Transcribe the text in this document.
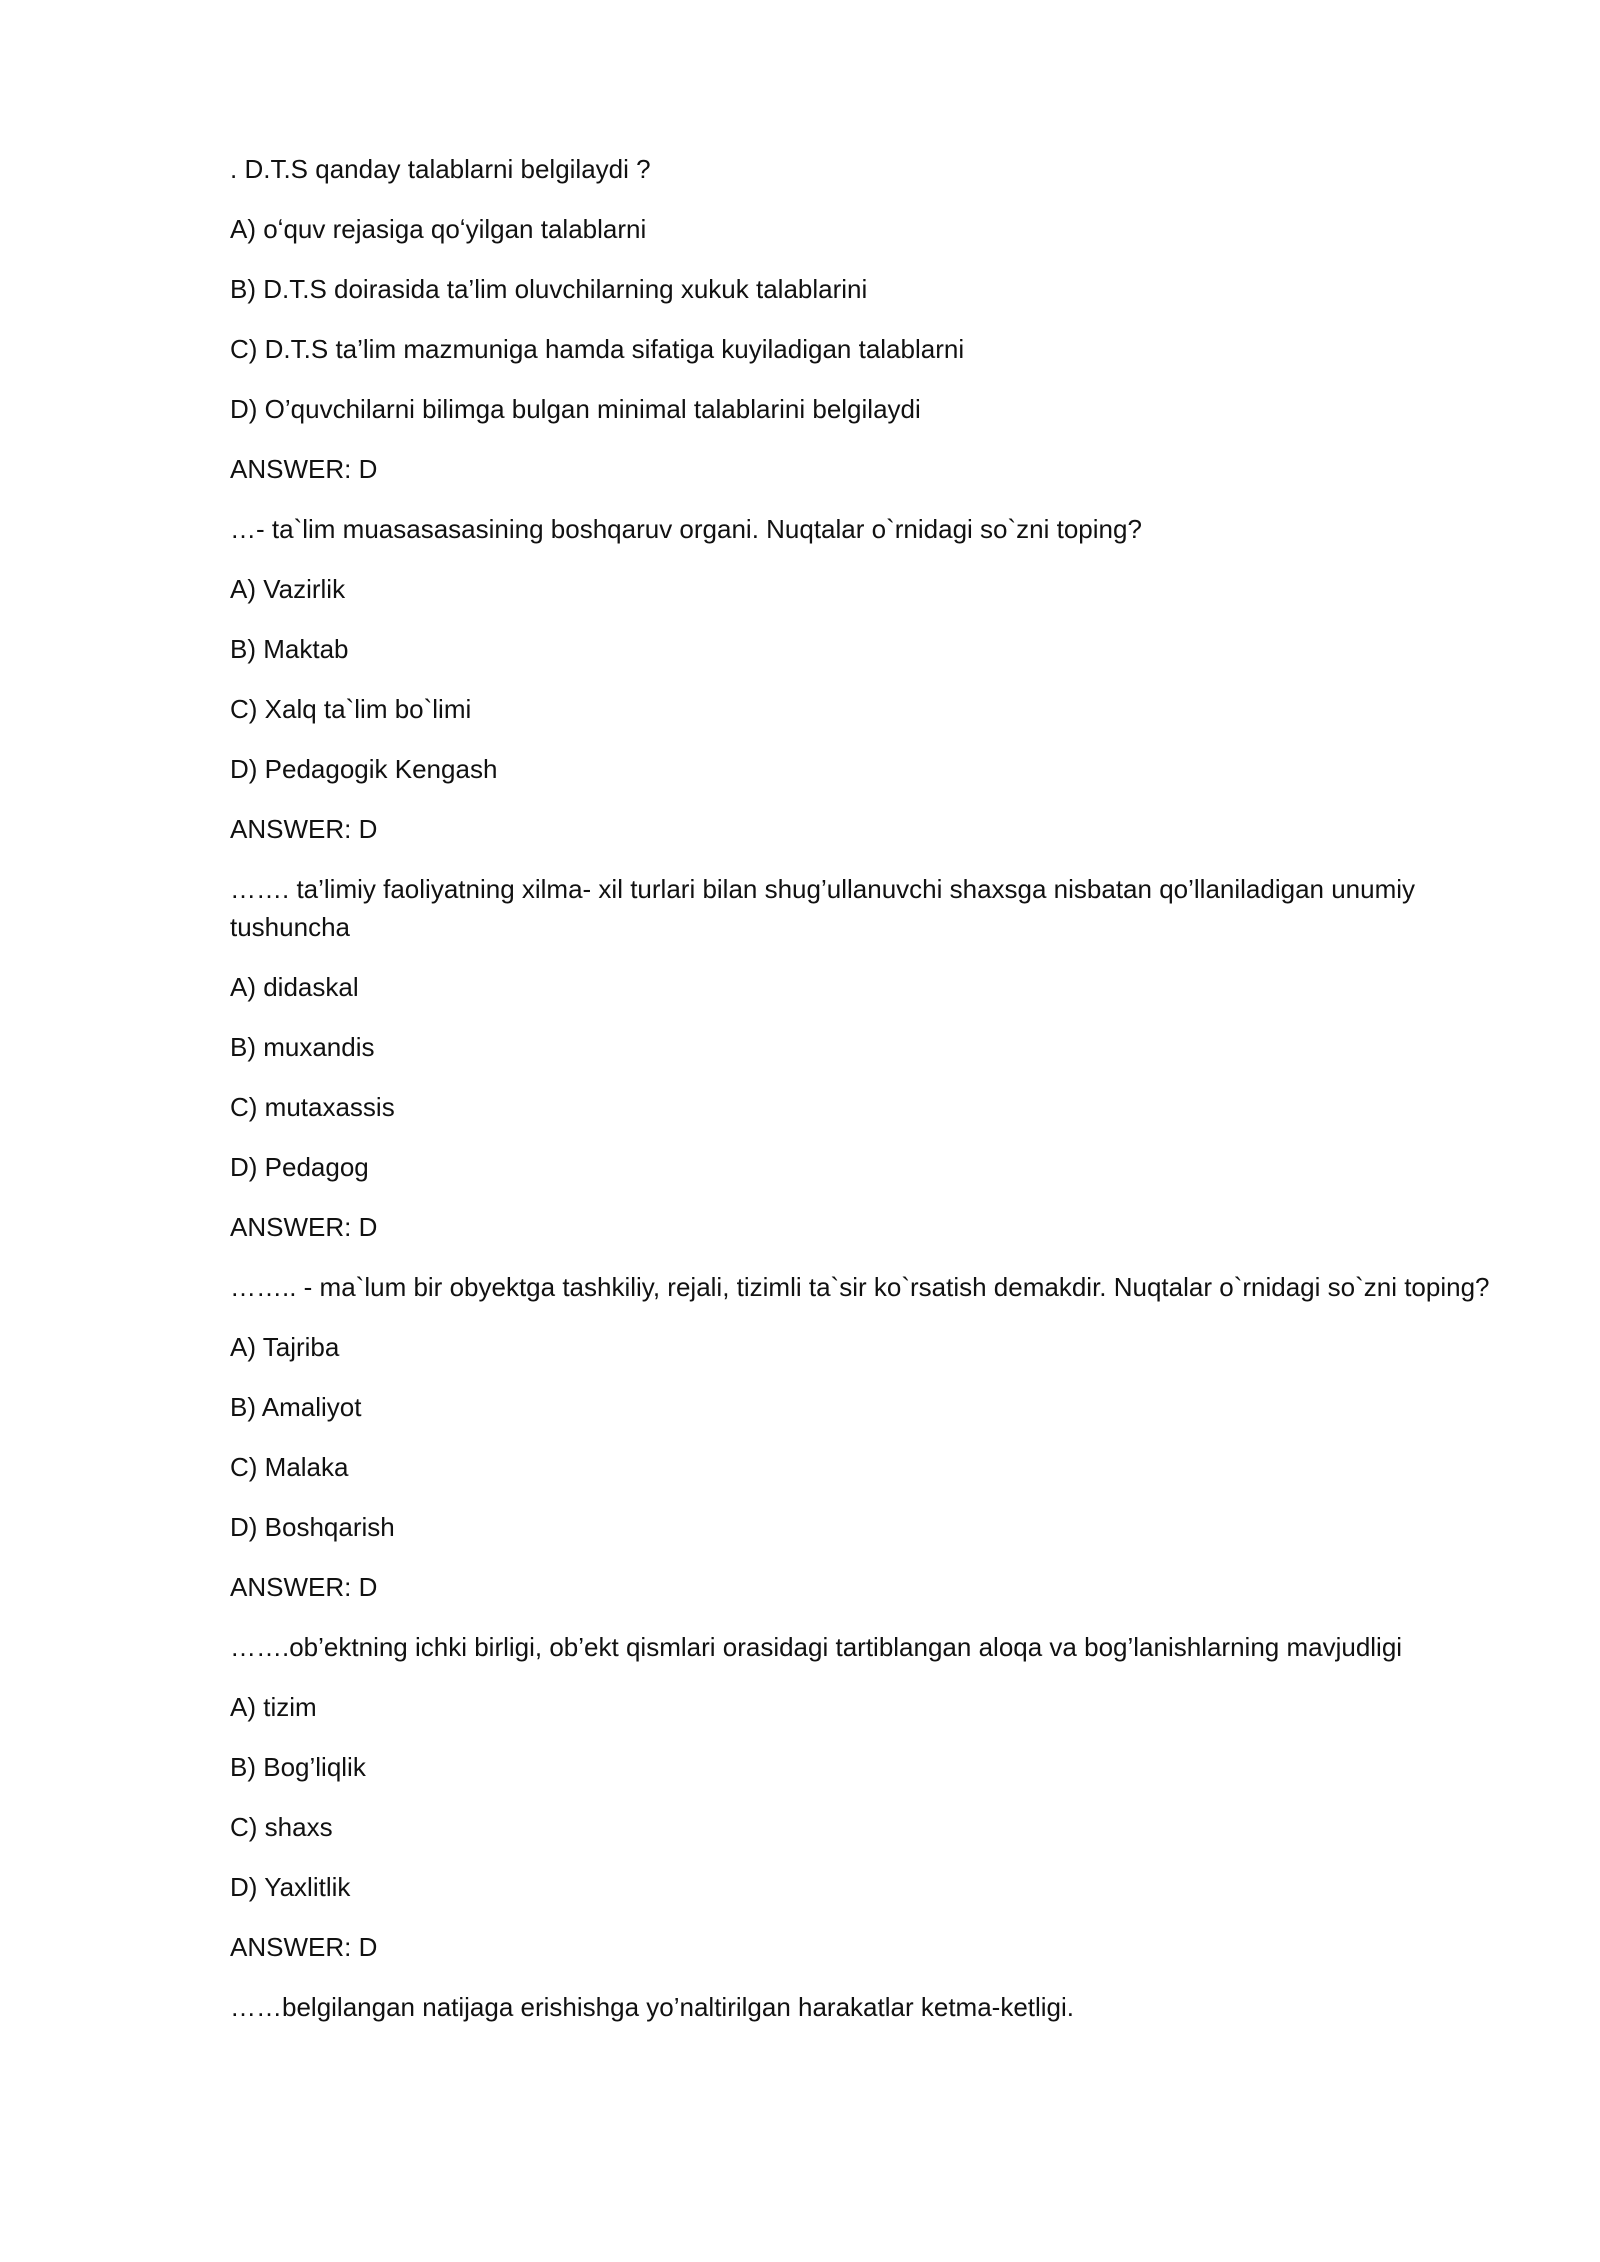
. D.T.S qanday talablarni belgilaydi ?

A) oʻquv rejasiga qoʻyilgan talablarni

B) D.T.S doirasida ta’lim oluvchilarning xukuk talablarini

C) D.T.S ta’lim mazmuniga hamda sifatiga kuyiladigan talablarni

D) O’quvchilarni bilimga bulgan minimal talablarini belgilaydi

ANSWER: D

…- ta`lim muasasasasining boshqaruv organi. Nuqtalar o`rnidagi so`zni toping?

A) Vazirlik

B) Maktab

C) Xalq ta`lim bo`limi

D) Pedagogik Kengash

ANSWER: D

……. ta’limiy faoliyatning xilma- xil turlari bilan shug’ullanuvchi shaxsga nisbatan qo’llaniladigan unumiy tushuncha

A) didaskal

B) muxandis

C) mutaxassis

D) Pedagog

ANSWER: D

…….. - ma`lum bir obyektga tashkiliy, rejali, tizimli ta`sir ko`rsatish demakdir. Nuqtalar o`rnidagi so`zni toping?

A) Tajriba

B) Amaliyot

C) Malaka

D) Boshqarish

ANSWER: D

…….ob’ektning ichki birligi, ob’ekt qismlari orasidagi tartiblangan aloqa va bog’lanishlarning mavjudligi

A) tizim

B) Bog’liqlik

C) shaxs

D) Yaxlitlik

ANSWER: D

……belgilangan natijaga erishishga yo’naltirilgan harakatlar ketma-ketligi.
